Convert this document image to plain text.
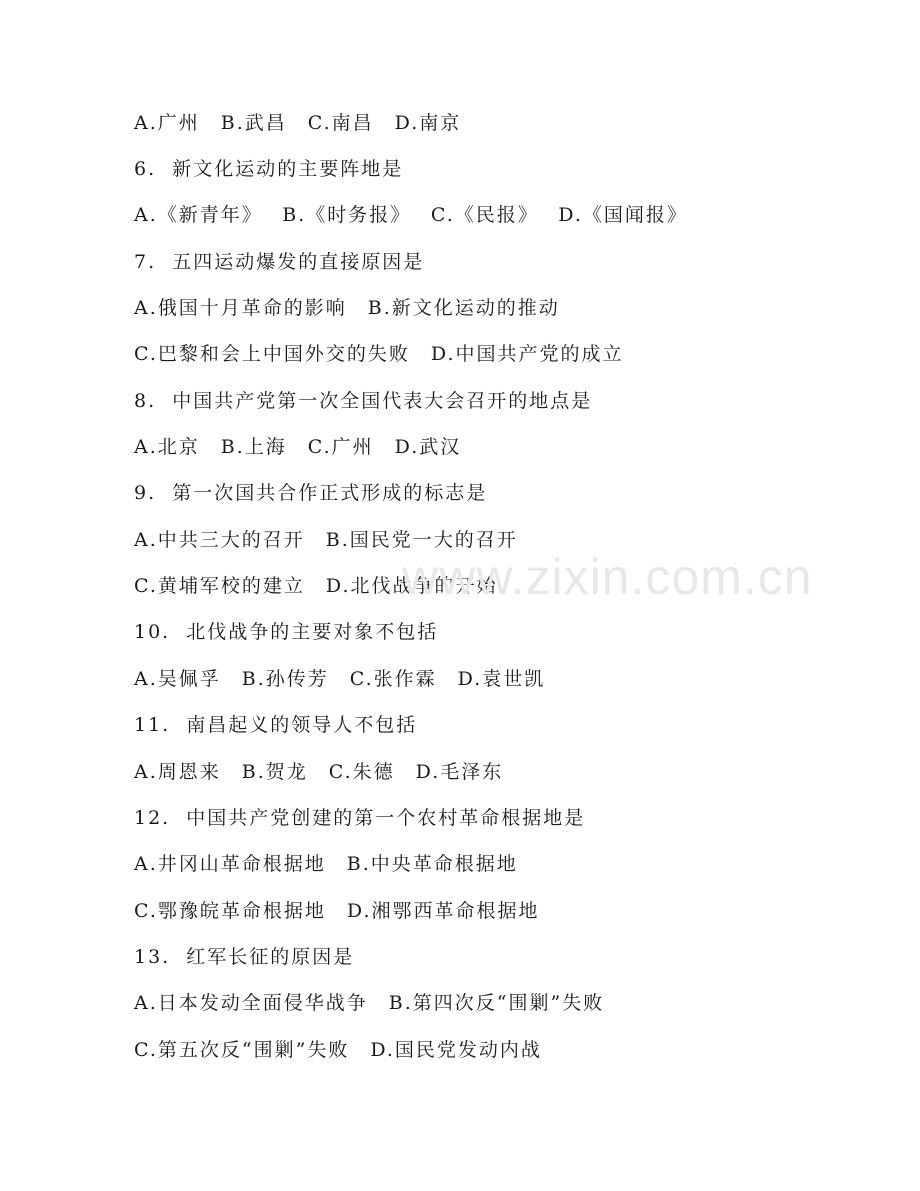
A.广州　B.武昌　C.南昌　D.南京
6.  新文化运动的主要阵地是
A.《新青年》　 B.《时务报》　 C.《民报》　 D.《国闻报》
7.  五四运动爆发的直接原因是
A.俄国十月革命的影响　B.新文化运动的推动
C.巴黎和会上中国外交的失败　D.中国共产党的成立
8.  中国共产党第一次全国代表大会召开的地点是
A.北京　B.上海　C.广州　D.武汉
9.  第一次国共合作正式形成的标志是
A.中共三大的召开　B.国民党一大的召开
C.黄埔军校的建立　D.北伐战争的开始
10.  北伐战争的主要对象不包括
A.吴佩孚　B.孙传芳　C.张作霖　D.袁世凯
11.  南昌起义的领导人不包括
A.周恩来　B.贺龙　C.朱德　D.毛泽东
12.  中国共产党创建的第一个农村革命根据地是
A.井冈山革命根据地　B.中央革命根据地
C.鄂豫皖革命根据地　D.湘鄂西革命根据地
13.  红军长征的原因是
A.日本发动全面侵华战争　B.第四次反“围剿”失败
C.第五次反“围剿”失败　D.国民党发动内战
www.zixin.com.cn
